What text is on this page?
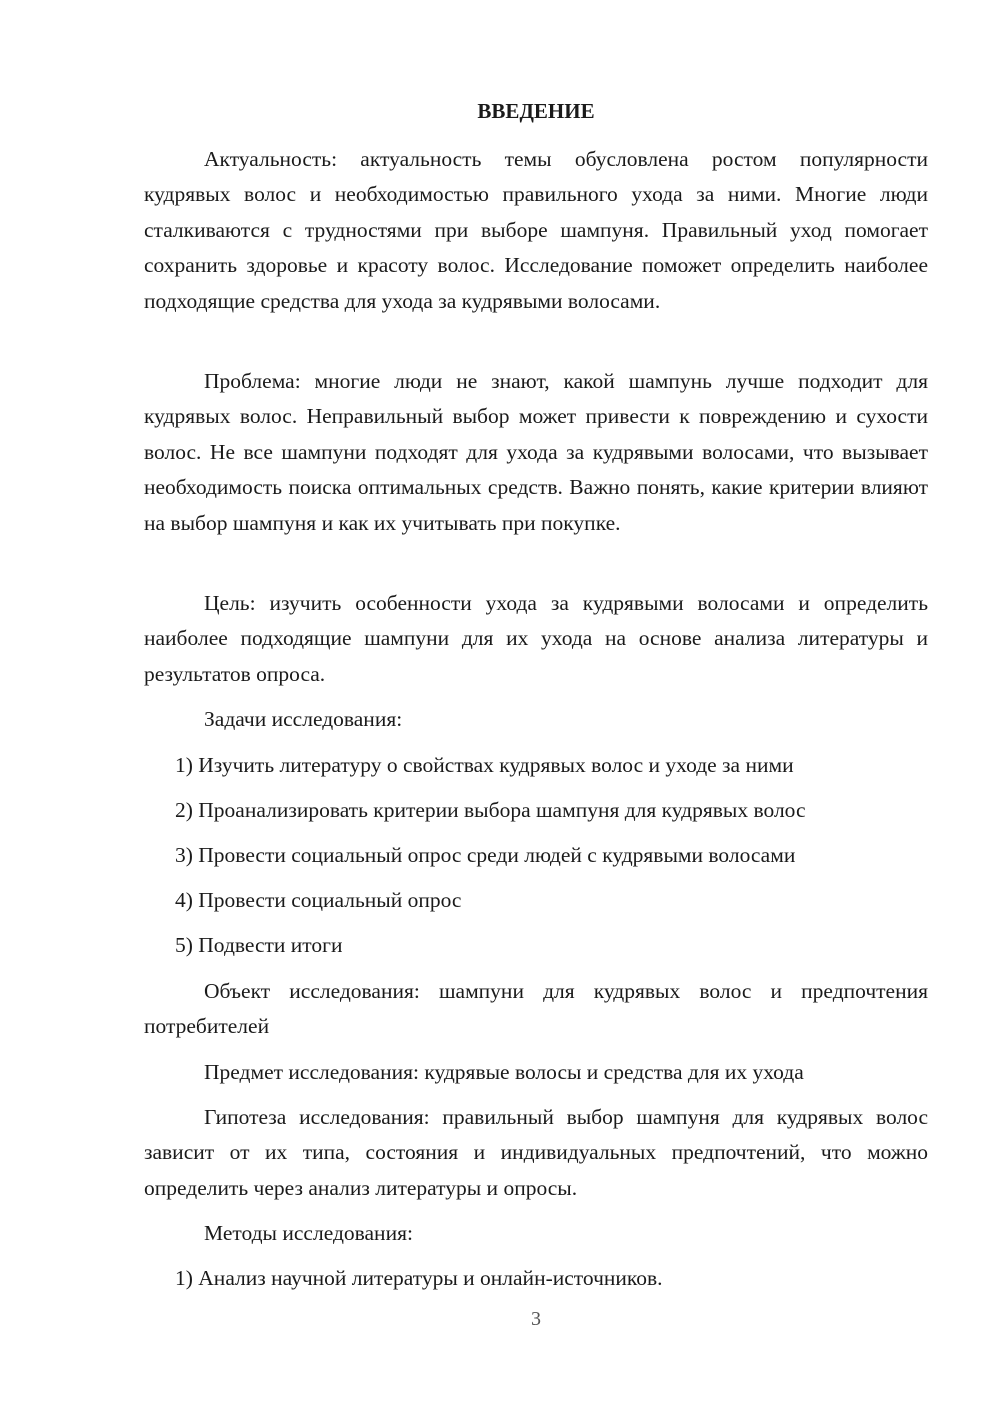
ВВЕДЕНИЕ

Актуальность: актуальность темы обусловлена ростом популярности кудрявых волос и необходимостью правильного ухода за ними. Многие люди сталкиваются с трудностями при выборе шампуня. Правильный уход помогает сохранить здоровье и красоту волос. Исследование поможет определить наиболее подходящие средства для ухода за кудрявыми волосами.

Проблема: многие люди не знают, какой шампунь лучше подходит для кудрявых волос. Неправильный выбор может привести к повреждению и сухости волос. Не все шампуни подходят для ухода за кудрявыми волосами, что вызывает необходимость поиска оптимальных средств. Важно понять, какие критерии влияют на выбор шампуня и как их учитывать при покупке.

Цель: изучить особенности ухода за кудрявыми волосами и определить наиболее подходящие шампуни для их ухода на основе анализа литературы и результатов опроса.

Задачи исследования:

1) Изучить литературу о свойствах кудрявых волос и уходе за ними

2) Проанализировать критерии выбора шампуня для кудрявых волос

3) Провести социальный опрос среди людей с кудрявыми волосами

4) Провести социальный опрос

5) Подвести итоги

Объект исследования: шампуни для кудрявых волос и предпочтения потребителей

Предмет исследования: кудрявые волосы и средства для их ухода

Гипотеза исследования: правильный выбор шампуня для кудрявых волос зависит от их типа, состояния и индивидуальных предпочтений, что можно определить через анализ литературы и опросы.

Методы исследования:

1) Анализ научной литературы и онлайн-источников.

3
